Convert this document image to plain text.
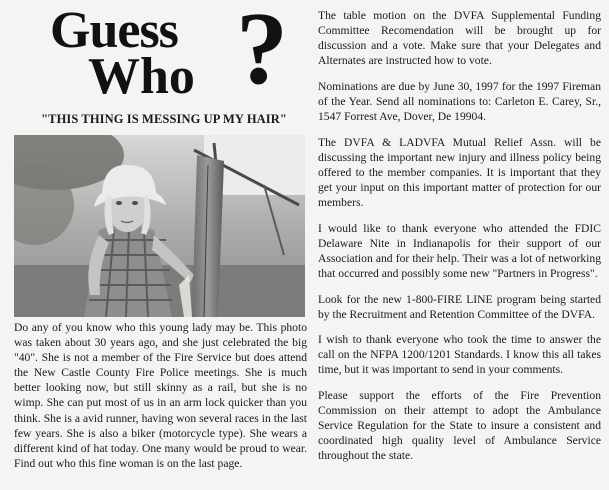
Guess
Who ?
"THIS THING IS MESSING UP MY HAIR"
Do any of you know who this young lady may be. This photo was taken about 30 years ago, and she just celebrated the big "40". She is not a member of the Fire Service but does attend the New Castle County Fire Police meetings. She is much better looking now, but still skinny as a rail, but she is no wimp. She can put most of us in an arm lock quicker than you think. She is a avid runner, having won several races in the last few years. She is also a biker (motorcycle type). She wears a different kind of hat today. One many would be proud to wear. Find out who this fine woman is on the last page.

The table motion on the DVFA Supplemental Funding Committee Recomendation will be brought up for discussion and a vote. Make sure that your Delegates and Alternates are instructed how to vote.

Nominations are due by June 30, 1997 for the 1997 Fireman of the Year. Send all nominations to: Carleton E. Carey, Sr., 1547 Forrest Ave, Dover, De 19904.

The DVFA & LADVFA Mutual Relief Assn. will be discussing the important new injury and illness policy being offered to the member companies. It is important that they get your input on this important matter of protection for our members.

I would like to thank everyone who attended the FDIC Delaware Nite in Indianapolis for their support of our Association and for their help. Their was a lot of networking that occurred and possibly some new "Partners in Progress".

Look for the new 1-800-FIRE LINE program being started by the Recruitment and Retention Committee of the DVFA.

I wish to thank everyone who took the time to answer the call on the NFPA 1200/1201 Standards. I know this all takes time, but it was important to send in your comments.

Please support the efforts of the Fire Prevention Commission on their attempt to adopt the Ambulance Service Regulation for the State to insure a consistent and coordinated high quality level of Ambulance Service throughout the state.
